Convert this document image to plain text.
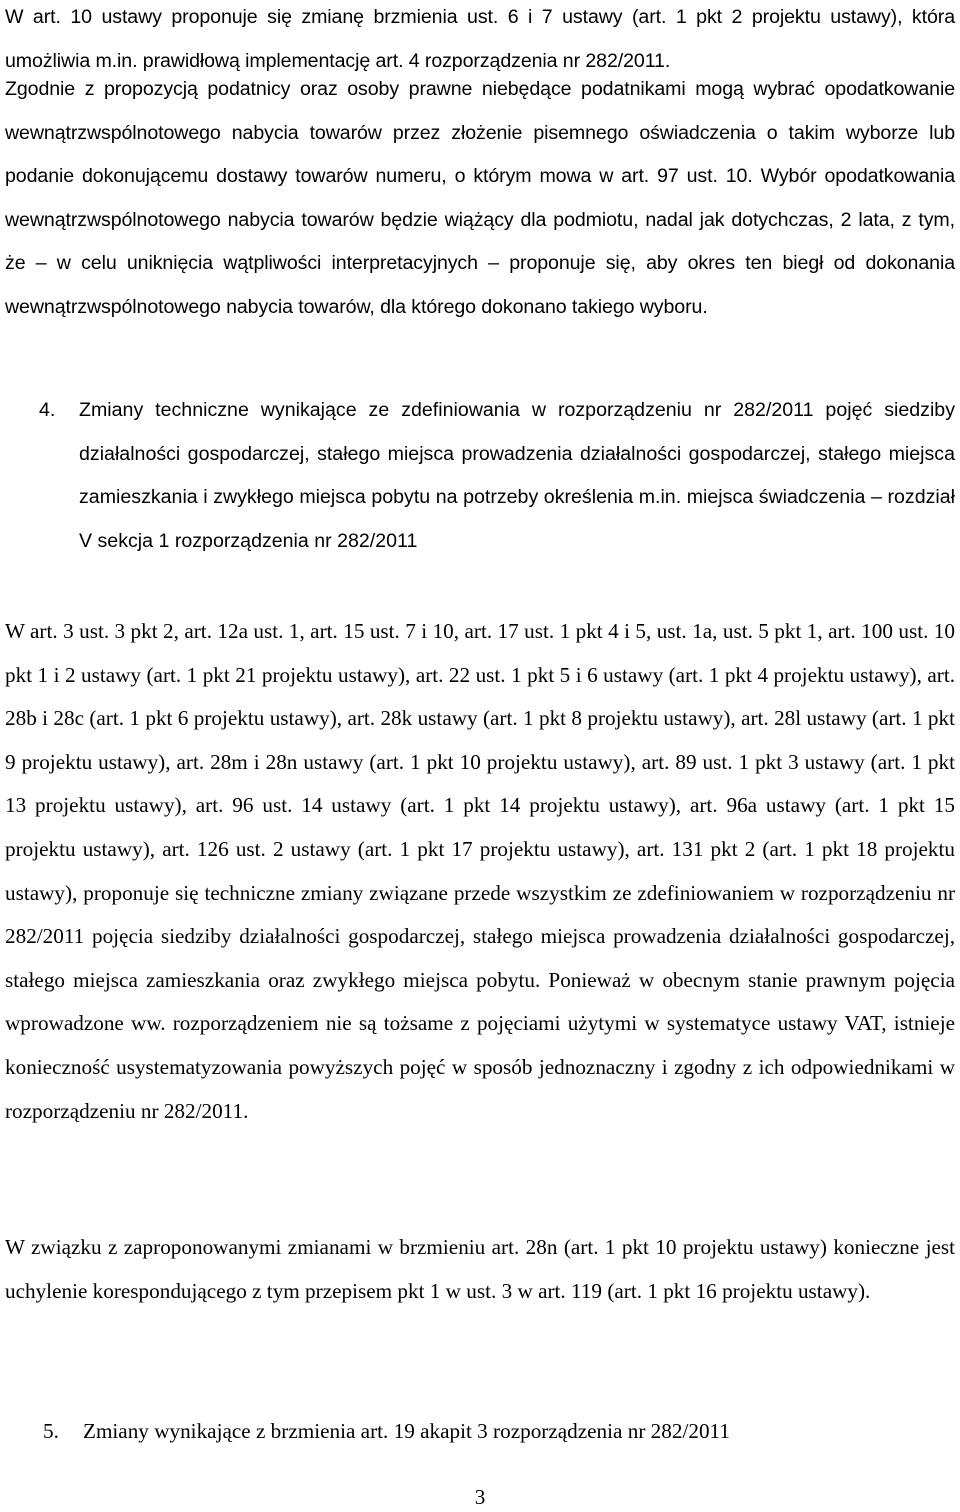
W art. 10 ustawy proponuje się zmianę brzmienia ust. 6 i 7 ustawy (art. 1 pkt 2 projektu ustawy), która umożliwia m.in. prawidłową implementację art. 4 rozporządzenia nr 282/2011.

Zgodnie z propozycją podatnicy oraz osoby prawne niebędące podatnikami mogą wybrać opodatkowanie wewnątrzwspólnotowego nabycia towarów przez złożenie pisemnego oświadczenia o takim wyborze lub podanie dokonującemu dostawy towarów numeru, o którym mowa w art. 97 ust. 10. Wybór opodatkowania wewnątrzwspólnotowego nabycia towarów będzie wiążący dla podmiotu, nadal jak dotychczas, 2 lata, z tym, że – w celu uniknięcia wątpliwości interpretacyjnych – proponuje się, aby okres ten biegł od dokonania wewnątrzwspólnotowego nabycia towarów, dla którego dokonano takiego wyboru.

4. Zmiany techniczne wynikające ze zdefiniowania w rozporządzeniu nr 282/2011 pojęć siedziby działalności gospodarczej, stałego miejsca prowadzenia działalności gospodarczej, stałego miejsca zamieszkania i zwykłego miejsca pobytu na potrzeby określenia m.in. miejsca świadczenia – rozdział V sekcja 1 rozporządzenia nr 282/2011

W art. 3 ust. 3 pkt 2, art. 12a ust. 1, art. 15 ust. 7 i 10, art. 17 ust. 1 pkt 4 i 5, ust. 1a, ust. 5 pkt 1, art. 100 ust. 10 pkt 1 i 2 ustawy (art. 1 pkt 21 projektu ustawy), art. 22 ust. 1 pkt 5 i 6 ustawy (art. 1 pkt 4 projektu ustawy), art. 28b i 28c (art. 1 pkt 6 projektu ustawy), art. 28k ustawy (art. 1 pkt 8 projektu ustawy), art. 28l ustawy (art. 1 pkt 9 projektu ustawy), art. 28m i 28n ustawy (art. 1 pkt 10 projektu ustawy), art. 89 ust. 1 pkt 3 ustawy (art. 1 pkt 13 projektu ustawy), art. 96 ust. 14 ustawy (art. 1 pkt 14 projektu ustawy), art. 96a ustawy (art. 1 pkt 15 projektu ustawy), art. 126 ust. 2 ustawy (art. 1 pkt 17 projektu ustawy), art. 131 pkt 2 (art. 1 pkt 18 projektu ustawy), proponuje się techniczne zmiany związane przede wszystkim ze zdefiniowaniem w rozporządzeniu nr 282/2011 pojęcia siedziby działalności gospodarczej, stałego miejsca prowadzenia działalności gospodarczej, stałego miejsca zamieszkania oraz zwykłego miejsca pobytu. Ponieważ w obecnym stanie prawnym pojęcia wprowadzone ww. rozporządzeniem nie są tożsame z pojęciami użytymi w systematyce ustawy VAT, istnieje konieczność usystematyzowania powyższych pojęć w sposób jednoznaczny i zgodny z ich odpowiednikami w rozporządzeniu nr 282/2011.

W związku z zaproponowanymi zmianami w brzmieniu art. 28n (art. 1 pkt 10 projektu ustawy) konieczne jest uchylenie korespondującego z tym przepisem pkt 1 w ust. 3 w art. 119 (art. 1 pkt 16 projektu ustawy).

5. Zmiany wynikające z brzmienia art. 19 akapit 3 rozporządzenia nr 282/2011
3
